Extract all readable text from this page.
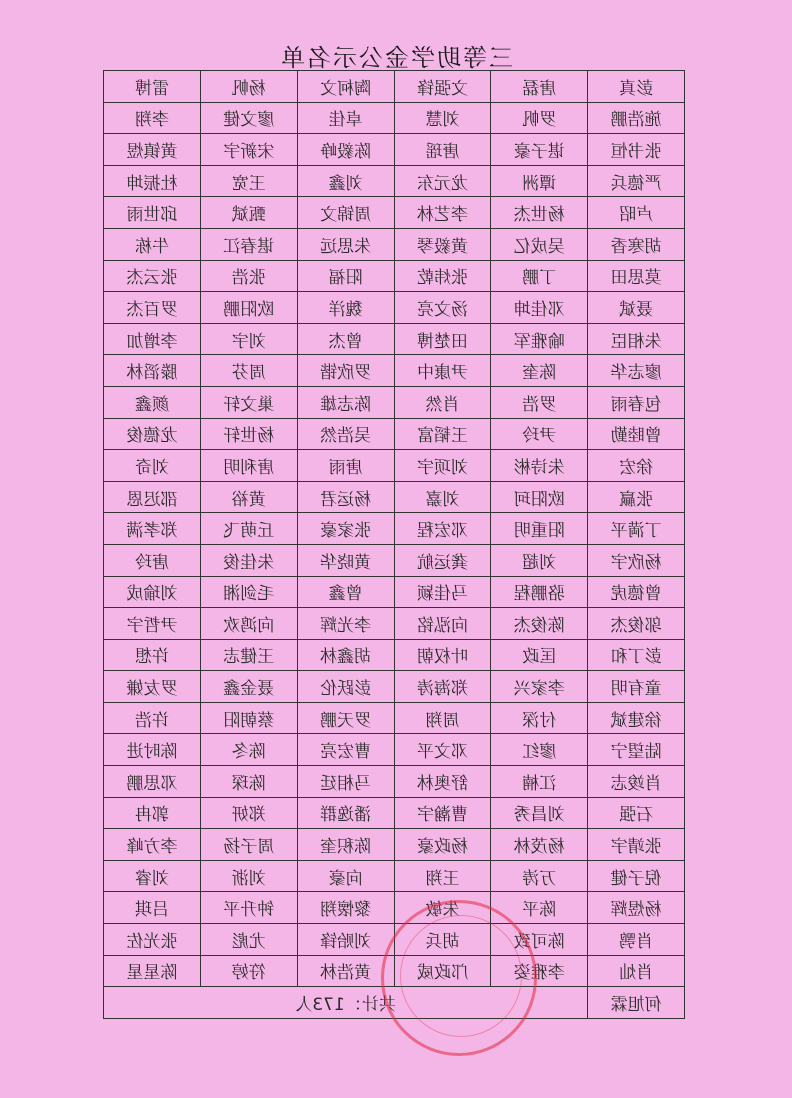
三等助学金公示名单
彭真	唐磊	文强锋	陶柯文	杨帆	雷博
施浩鹏	罗帆	刘慧	卓佳	廖文健	李翔
张书恒	谌子豪	唐瑶	陈毅峥	宋新宇	黄镇煜
严德兵	谭洲	龙元东	刘鑫	王宽	杜振坤
卢昭	杨世杰	李艺林	周锦文	甄斌	邱世雨
胡寒香	吴成亿	黄毅琴	朱思远	谌春江	牛栋
莫思田	丁鹏	张炜乾	阳福	张浩	张云杰
聂斌	邓佳坤	汤文亮	魏洋	欧阳鹏	罗百杰
朱相臣	喻雅军	田楚博	曾杰	刘宇	李增加
廖志华	陈奎	尹康中	罗欣锴	周芬	滕滔林
包春雨	罗浩	肖然	陈志雄	巢文轩	颜鑫
曾睦勤	尹玲	王韬富	吴浩然	杨世轩	龙德俊
徐宏	朱诗彬	刘项宇	唐雨	唐利明	刘奇
张赢	欧阳珂	刘嘉	杨运君	黄裕	邵迟恩
丁満平	阳重明	邓宏程	张家豪	丘萌飞	郑孝满
杨欣宇	刘超	龚运航	黄晓华	朱佳俊	唐玲
曾德虎	骆鹏程	马佳颖	曾鑫	毛剑湘	刘瑜成
邬俊杰	陈俊杰	向泓铭	李光辉	向鸿欢	尹哲宇
彭丁和	匡政	叶权朝	胡鑫林	王健志	许想
童有明	李家兴	郑海涛	彭跃伦	聂金鑫	罗友嫌
徐建斌	付深	周翔	罗天鹏	蔡朝阳	许浩
陆望宁	廖红	邓文平	曹宏亮	陈冬	陈时进
肖竣志	江楠	舒奥林	马相廷	陈琛	邓思鹏
石强	刘昌秀	曹瀚宇	潘逸群	郑妍	郭冉
张靖宇	杨茂林	杨政豪	陈积奎	周子扬	李方峰
倪子健	万涛	王翔	向豪	刘浙	刘睿
杨煜辉	陈平	朱敏	黎懐翔	钟升平	吕琪
肖鹗	陈可致	胡兵	刘贻锋	尤彪	张光佐
肖灿	李雅姿	邝政威	黄浩林	符婷	陈星星
何旭霖	共计：173人				
